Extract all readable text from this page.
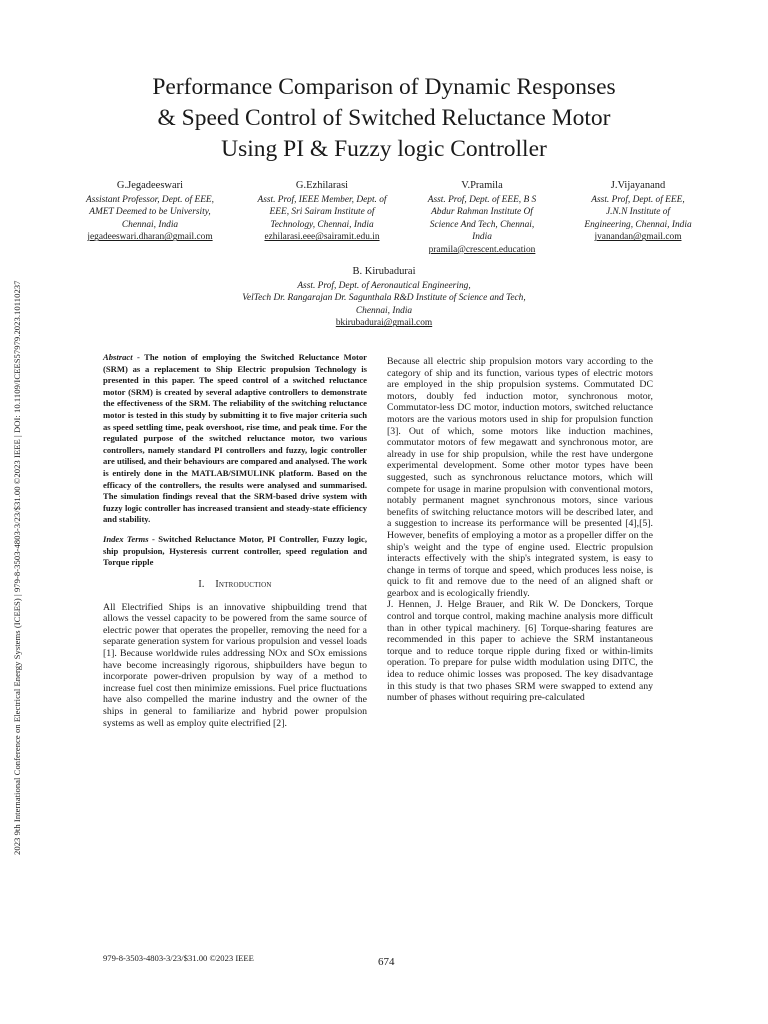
2023 9th International Conference on Electrical Energy Systems (ICEES) | 979-8-3503-4803-3/23/$31.00 ©2023 IEEE | DOI: 10.1109/ICEES57979.2023.10110237
Performance Comparison of Dynamic Responses
& Speed Control of Switched Reluctance Motor
Using PI & Fuzzy logic Controller
G.Jegadeeswari
Assistant Professor, Dept. of EEE,
AMET Deemed to be University,
Chennai, India
jegadeeswari.dharan@gmail.com
G.Ezhilarasi
Asst. Prof, IEEE Member, Dept. of
EEE, Sri Sairam Institute of
Technology, Chennai, India
ezhilarasi.eee@sairamit.edu.in
V.Pramila
Asst. Prof, Dept. of EEE, B S
Abdur Rahman Institute Of
Science And Tech, Chennai,
India
pramila@crescent.education
J.Vijayanand
Asst. Prof, Dept. of EEE,
J.N.N Institute of
Engineering, Chennai, India
jvanandan@gmail.com
B. Kirubadurai
Asst. Prof, Dept. of Aeronautical Engineering,
VelTech Dr. Rangarajan Dr. Sagunthala R&D Institute of Science and Tech,
Chennai, India
bkirubadurai@gmail.com

Abstract - The notion of employing the Switched Reluctance Motor (SRM) as a replacement to Ship Electric propulsion Technology is presented in this paper. The speed control of a switched reluctance motor (SRM) is created by several adaptive controllers to demonstrate the effectiveness of the SRM. The reliability of the switching reluctance motor is tested in this study by submitting it to five major criteria such as speed settling time, peak overshoot, rise time, and peak time. For the regulated purpose of the switched reluctance motor, two various controllers, namely standard PI controllers and fuzzy, logic controller are utilised, and their behaviours are compared and analysed. The work is entirely done in the MATLAB/SIMULINK platform. Based on the efficacy of the controllers, the results were analysed and summarised. The simulation findings reveal that the SRM-based drive system with fuzzy logic controller has increased transient and steady-state efficiency and stability.

Index Terms - Switched Reluctance Motor, PI Controller, Fuzzy logic, ship propulsion, Hysteresis current controller, speed regulation and Torque ripple

I. Introduction

All Electrified Ships is an innovative shipbuilding trend that allows the vessel capacity to be powered from the same source of electric power that operates the propeller, removing the need for a separate generation system for various propulsion and vessel loads [1]. Because worldwide rules addressing NOx and SOx emissions have become increasingly rigorous, shipbuilders have begun to incorporate power-driven propulsion by way of a method to increase fuel cost then minimize emissions. Fuel price fluctuations have also compelled the marine industry and the owner of the ships in general to familiarize and hybrid power propulsion systems as well as employ quite electrified [2].

Because all electric ship propulsion motors vary according to the category of ship and its function, various types of electric motors are employed in the ship propulsion systems. Commutated DC motors, doubly fed induction motor, synchronous motor, Commutator-less DC motor, induction motors, switched reluctance motors are the various motors used in ship for propulsion function [3]. Out of which, some motors like induction machines, commutator motors of few megawatt and synchronous motor, are already in use for ship propulsion, while the rest have undergone experimental development. Some other motor types have been suggested, such as synchronous reluctance motors, which will compete for usage in marine propulsion with conventional motors, notably permanent magnet synchronous motors, since various benefits of switching reluctance motors will be described later, and a suggestion to increase its performance will be presented [4],[5]. However, benefits of employing a motor as a propeller differ on the ship's weight and the type of engine used. Electric propulsion interacts effectively with the ship's integrated system, is easy to change in terms of torque and speed, which produces less noise, is quick to fit and remove due to the need of an aligned shaft or gearbox and is ecologically friendly.

J. Hennen, J. Helge Brauer, and Rik W. De Donckers, Torque control and torque control, making machine analysis more difficult than in other typical machinery. [6] Torque-sharing features are recommended in this paper to achieve the SRM instantaneous torque and to reduce torque ripple during fixed or within-limits operation. To prepare for pulse width modulation using DITC, the idea to reduce ohimic losses was proposed. The key disadvantage in this study is that two phases SRM were swapped to extend any number of phases without requiring pre-calculated

979-8-3503-4803-3/23/$31.00 ©2023 IEEE	674
